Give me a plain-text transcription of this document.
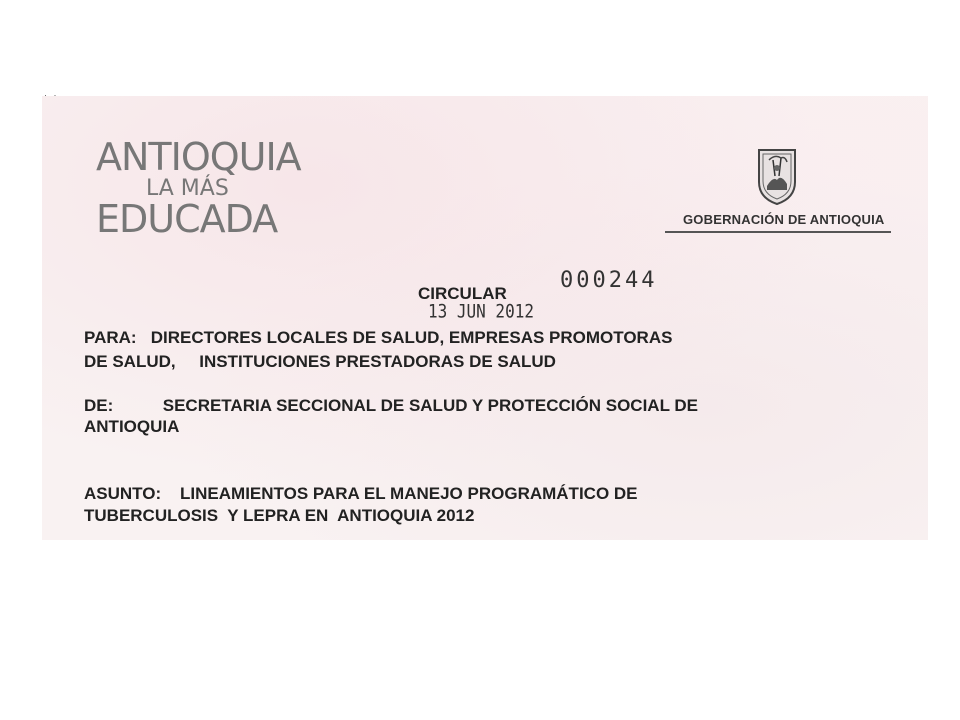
· ·
ANTIOQUIA
LA MÁS
EDUCADA	GOBERNACIÓN DE ANTIOQUIA
000244
CIRCULAR
13 JUN 2012
PARA: DIRECTORES LOCALES DE SALUD, EMPRESAS PROMOTORAS
DE SALUD, INSTITUCIONES PRESTADORAS DE SALUD
DE:	SECRETARIA SECCIONAL DE SALUD Y PROTECCIÓN SOCIAL DE
ANTIOQUIA
ASUNTO: LINEAMIENTOS PARA EL MANEJO PROGRAMÁTICO DE
TUBERCULOSIS  Y LEPRA EN  ANTIOQUIA 2012
